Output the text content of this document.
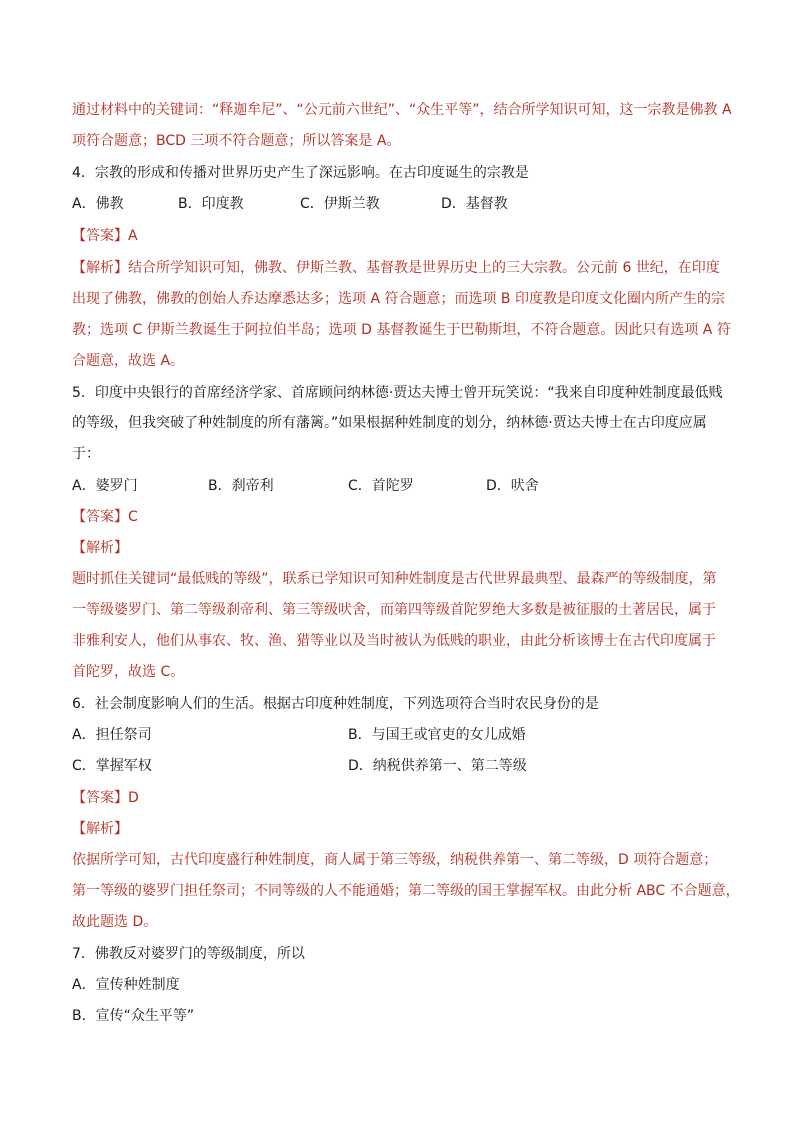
通过材料中的关键词：“释迦牟尼”、“公元前六世纪”、“众生平等”，结合所学知识可知，这一宗教是佛教 A
项符合题意；BCD 三项不符合题意；所以答案是 A。
4．宗教的形成和传播对世界历史产生了深远影响。在古印度诞生的宗教是
A．佛教	B．印度教	C．伊斯兰教	D．基督教
【答案】A
【解析】结合所学知识可知，佛教、伊斯兰教、基督教是世界历史上的三大宗教。公元前 6 世纪，在印度
出现了佛教，佛教的创始人乔达摩悉达多；选项 A 符合题意；而选项 B 印度教是印度文化圈内所产生的宗
教；选项 C 伊斯兰教诞生于阿拉伯半岛；选项 D 基督教诞生于巴勒斯坦，不符合题意。因此只有选项 A 符
合题意，故选 A。
5．印度中央银行的首席经济学家、首席顾问纳林德·贾达夫博士曾开玩笑说：“我来自印度种姓制度最低贱
的等级，但我突破了种姓制度的所有藩篱。”如果根据种姓制度的划分，纳林德·贾达夫博士在古印度应属
于：
A．婆罗门	B．刹帝利	C．首陀罗	D．吠舍
【答案】C
【解析】
题时抓住关键词“最低贱的等级”，联系已学知识可知种姓制度是古代世界最典型、最森严的等级制度，第
一等级婆罗门、第二等级刹帝利、第三等级吠舍，而第四等级首陀罗绝大多数是被征服的土著居民，属于
非雅利安人，他们从事农、牧、渔、猎等业以及当时被认为低贱的职业，由此分析该博士在古代印度属于
首陀罗，故选 C。
6．社会制度影响人们的生活。根据古印度种姓制度，下列选项符合当时农民身份的是
A．担任祭司	B．与国王或官吏的女儿成婚
C．掌握军权	D．纳税供养第一、第二等级
【答案】D
【解析】
依据所学可知，古代印度盛行种姓制度，商人属于第三等级，纳税供养第一、第二等级，D 项符合题意；
第一等级的婆罗门担任祭司；不同等级的人不能通婚；第二等级的国王掌握军权。由此分析 ABC 不合题意，
故此题选 D。
7．佛教反对婆罗门的等级制度，所以
A．宣传种姓制度
B．宣传“众生平等”
